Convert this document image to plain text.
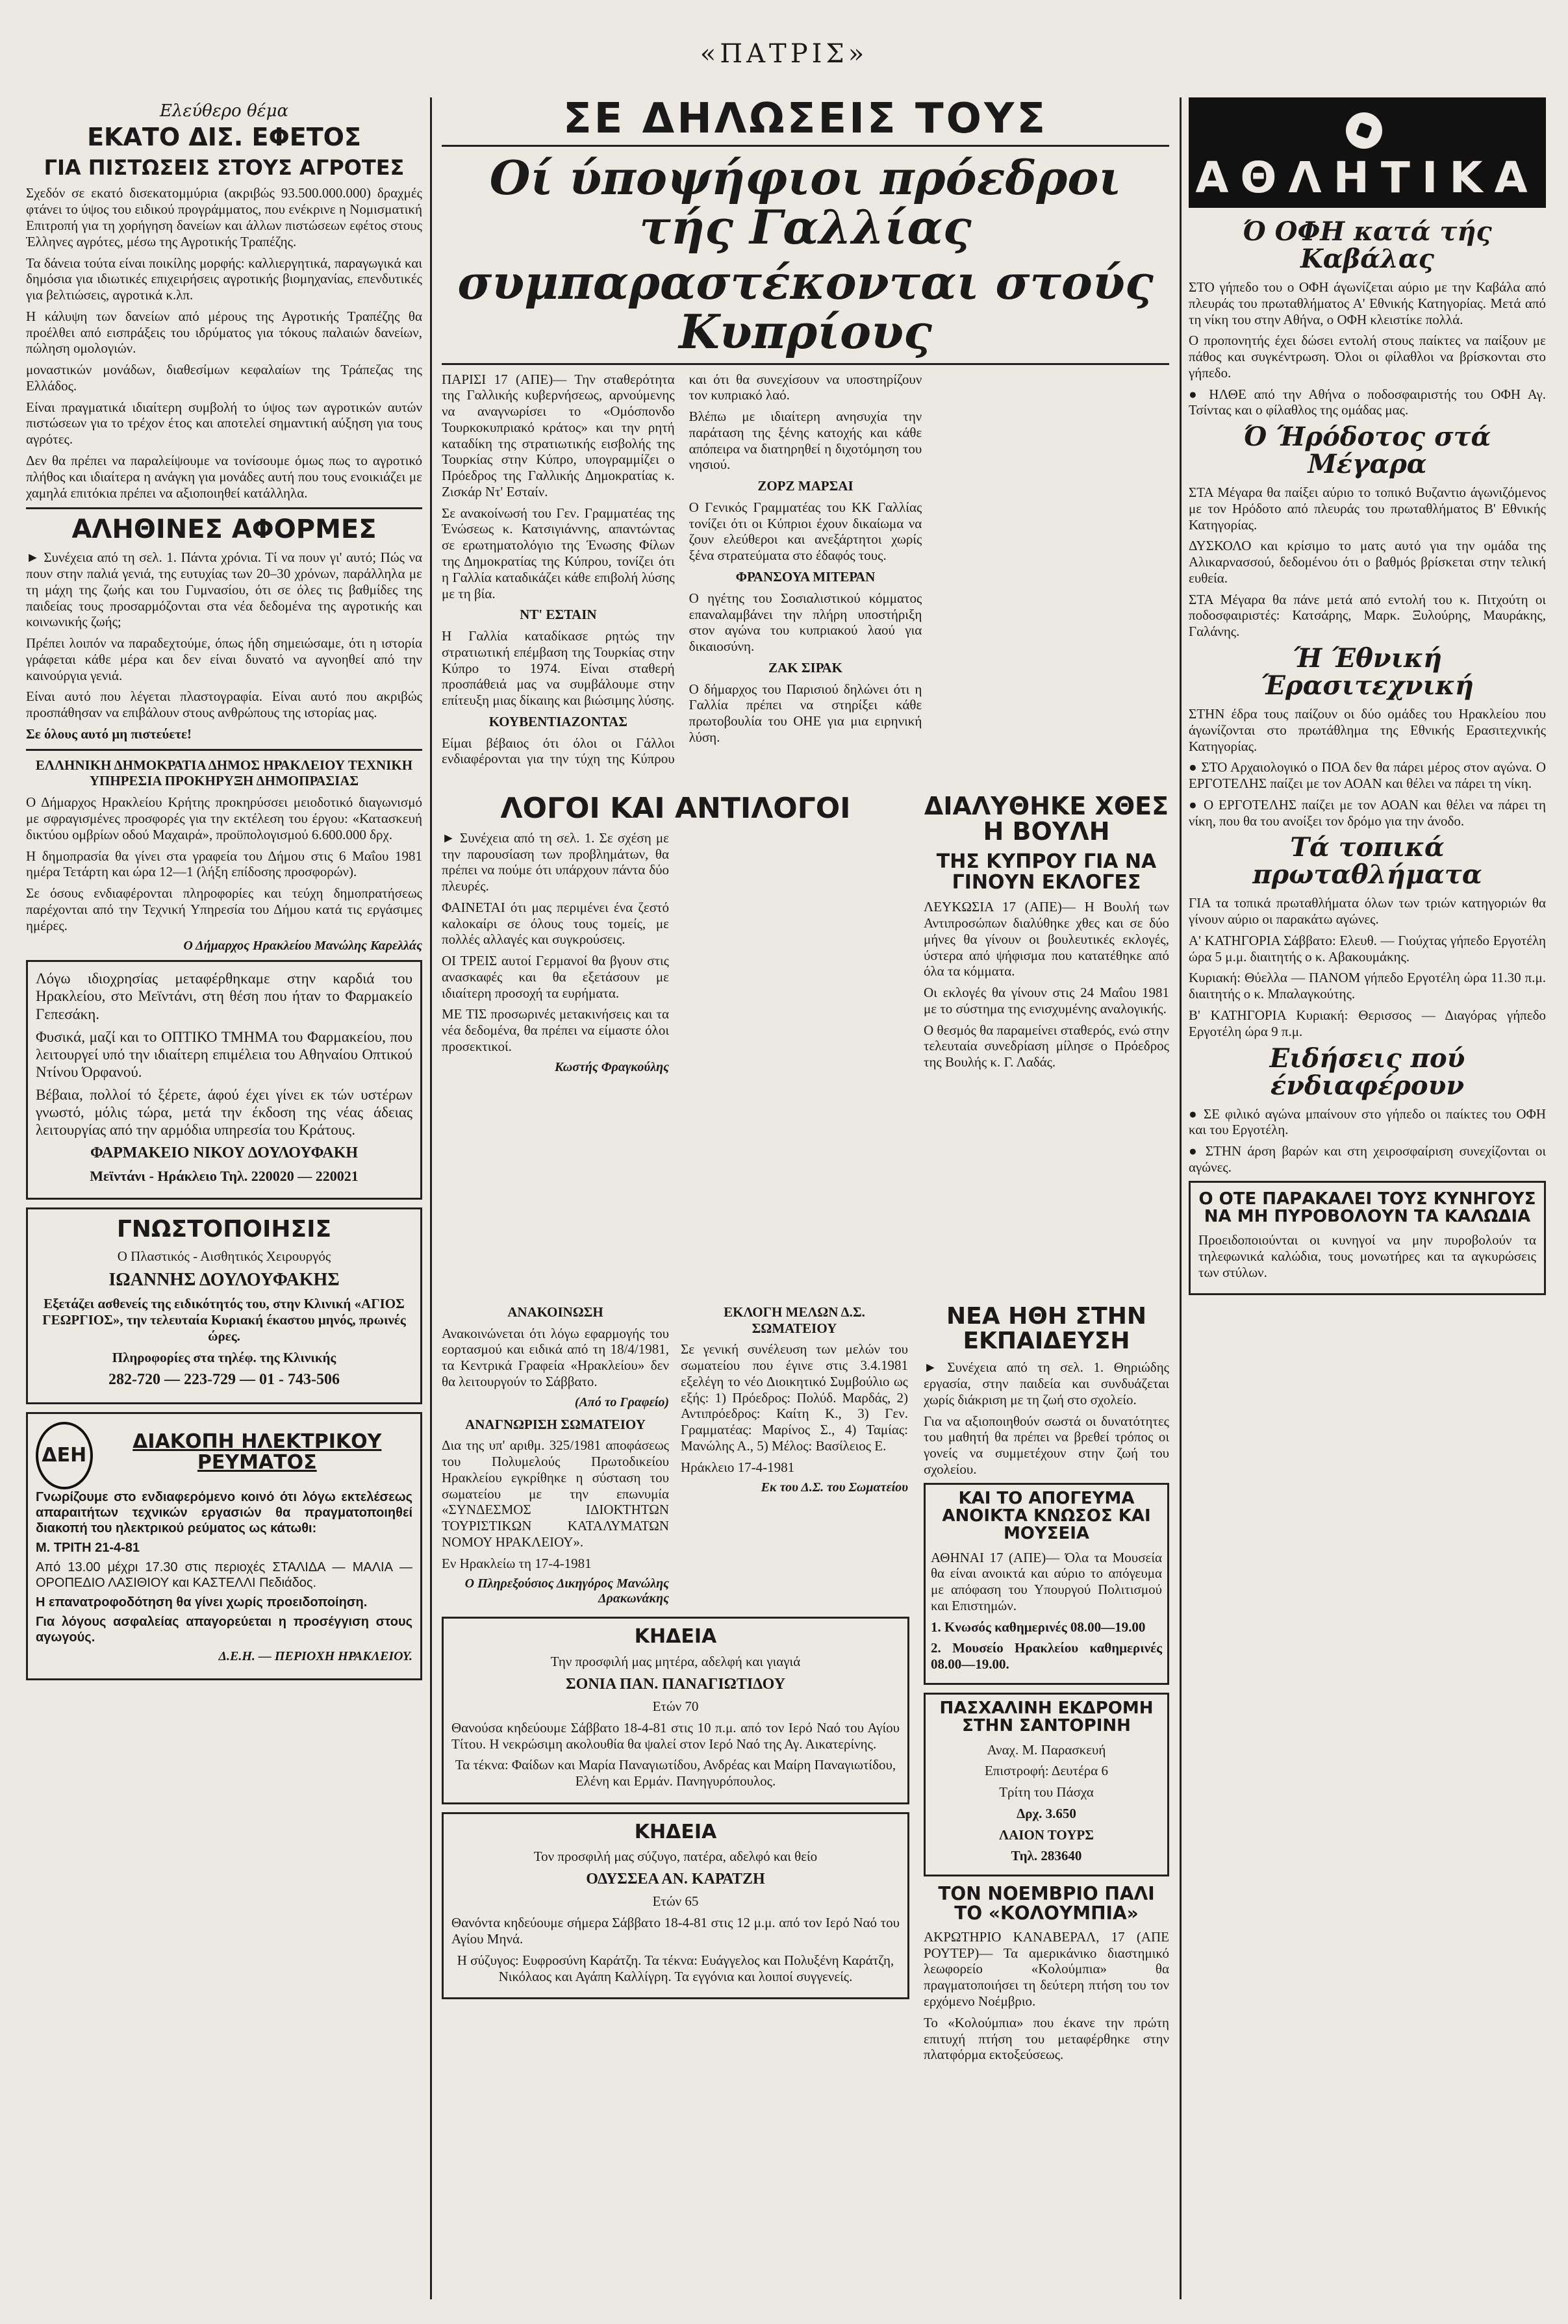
«ΠΑΤΡΙΣ»
Ελεύθερο θέμα
ΕΚΑΤΟ ΔΙΣ. ΕΦΕΤΟΣ
ΓΙΑ ΠΙΣΤΩΣΕΙΣ ΣΤΟΥΣ ΑΓΡΟΤΕΣ

Σχεδόν σε εκατό δισεκατομμύρια (ακριβώς 93.500.000.000) δραχμές φτάνει το ύψος του ειδικού προγράμματος, που ενέκρινε η Νομισματική Επιτροπή για τη χορήγηση δανείων και άλλων πιστώσεων εφέτος στους Έλληνες αγρότες, μέσω της Αγροτικής Τραπέζης.

Τα δάνεια τούτα είναι ποικίλης μορφής: καλλιεργητικά, παραγωγικά και δημόσια για ιδιωτικές επιχειρήσεις αγροτικής βιομηχανίας, επενδυτικές για βελτιώσεις, αγροτικά κ.λπ.

Η κάλυψη των δανείων από μέρους της Αγροτικής Τραπέζης θα προέλθει από εισπράξεις του ιδρύματος για τόκους παλαιών δανείων, πώληση ομολογιών.

μοναστικών μονάδων, διαθεσίμων κεφαλαίων της Τράπεζας της Ελλάδος.

Είναι πραγματικά ιδιαίτερη συμβολή το ύψος των αγροτικών αυτών πιστώσεων για το τρέχον έτος και αποτελεί σημαντική αύξηση για τους αγρότες.

Δεν θα πρέπει να παραλείψουμε να τονίσουμε όμως πως το αγροτικό πλήθος και ιδιαίτερα η ανάγκη για μονάδες αυτή που τους ενοικιάζει με χαμηλά επιτόκια πρέπει να αξιοποιηθεί κατάλληλα.

ΑΛΗΘΙΝΕΣ ΑΦΟΡΜΕΣ

► Συνέχεια από τη σελ. 1. Πάντα χρόνια. Τί να πουν γι' αυτό; Πώς να πουν στην παλιά γενιά, της ευτυχίας των 20–30 χρόνων, παράλληλα με τη μάχη της ζωής και του Γυμνασίου, ότι σε όλες τις βαθμίδες της παιδείας τους προσαρμόζονται στα νέα δεδομένα της αγροτικής και κοινωνικής ζωής;

Πρέπει λοιπόν να παραδεχτούμε, όπως ήδη σημειώσαμε, ότι η ιστορία γράφεται κάθε μέρα και δεν είναι δυνατό να αγνοηθεί από την καινούργια γενιά.

Είναι αυτό που λέγεται πλαστογραφία. Είναι αυτό που ακριβώς προσπάθησαν να επιβάλουν στους ανθρώπους της ιστορίας μας.

Σε όλους αυτό μη πιστεύετε!

ΕΛΛΗΝΙΚΗ ΔΗΜΟΚΡΑΤΙΑ ΔΗΜΟΣ ΗΡΑΚΛΕΙΟΥ ΤΕΧΝΙΚΗ ΥΠΗΡΕΣΙΑ ΠΡΟΚΗΡΥΞΗ ΔΗΜΟΠΡΑΣΙΑΣ

Ο Δήμαρχος Ηρακλείου Κρήτης προκηρύσσει μειοδοτικό διαγωνισμό με σφραγισμένες προσφορές για την εκτέλεση του έργου: «Κατασκευή δικτύου ομβρίων οδού Μαχαιρά», προϋπολογισμού 6.600.000 δρχ.

Η δημοπρασία θα γίνει στα γραφεία του Δήμου στις 6 Μαΐου 1981 ημέρα Τετάρτη και ώρα 12—1 (λήξη επίδοσης προσφορών).

Σε όσους ενδιαφέρονται πληροφορίες και τεύχη δημοπρατήσεως παρέχονται από την Τεχνική Υπηρεσία του Δήμου κατά τις εργάσιμες ημέρες.

Ο Δήμαρχος Ηρακλείου Μανώλης Καρελλάς

Λόγω ιδιοχρησίας μεταφέρθηκαμε στην καρδιά του Ηρακλείου, στο Μεϊντάνι, στη θέση που ήταν το Φαρμακείο Γεπεσάκη.

Φυσικά, μαζί και το ΟΠΤΙΚΟ ΤΜΗΜΑ του Φαρμακείου, που λειτουργεί υπό την ιδιαίτερη επιμέλεια του Αθηναίου Οπτικού Ντίνου Όρφανού.

Βέβαια, πολλοί τό ξέρετε, άφού έχει γίνει εκ τών υστέρων γνωστό, μόλις τώρα, μετά την έκδοση της νέας άδειας λειτουργίας από την αρμόδια υπηρεσία του Κράτους.

ΦΑΡΜΑΚΕΙΟ ΝΙΚΟΥ ΔΟΥΛΟΥΦΑΚΗ

Μεϊντάνι - Ηράκλειο Τηλ. 220020 — 220021

ΓΝΩΣΤΟΠΟΙΗΣΙΣ

Ο Πλαστικός - Αισθητικός Χειρουργός

ΙΩΑΝΝΗΣ ΔΟΥΛΟΥΦΑΚΗΣ

Εξετάζει ασθενείς της ειδικότητός του, στην Κλινική «ΑΓΙΟΣ ΓΕΩΡΓΙΟΣ», την τελευταία Κυριακή έκαστου μηνός, πρωινές ώρες.

Πληροφορίες στα τηλέφ. της Κλινικής

282-720 — 223-729 — 01 - 743-506

ΔΕΗ
ΔΙΑΚΟΠΗ ΗΛΕΚΤΡΙΚΟΥ ΡΕΥΜΑΤΟΣ

Γνωρίζουμε στο ενδιαφερόμενο κοινό ότι λόγω εκτελέσεως απαραιτήτων τεχνικών εργασιών θα πραγματοποιηθεί διακοπή του ηλεκτρικού ρεύματος ως κάτωθι:

Μ. ΤΡΙΤΗ 21-4-81

Από 13.00 μέχρι 17.30 στις περιοχές ΣΤΑΛΙΔΑ — ΜΑΛΙΑ — ΟΡΟΠΕΔΙΟ ΛΑΣΙΘΙΟΥ και ΚΑΣΤΕΛΛΙ Πεδιάδος.

Η επανατροφοδότηση θα γίνει χωρίς προειδοποίηση.

Για λόγους ασφαλείας απαγορεύεται η προσέγγιση στους αγωγούς.

Δ.Ε.Η. — ΠΕΡΙΟΧΗ ΗΡΑΚΛΕΙΟΥ.
ΣΕ ΔΗΛΩΣΕΙΣ ΤΟΥΣ
Οί ύποψήφιοι πρόεδροι τής Γαλλίας
συμπαραστέκονται στούς Κυπρίους

ΠΑΡΙΣΙ 17 (ΑΠΕ)— Την σταθερότητα της Γαλλικής κυβερνήσεως, αρνούμενης να αναγνωρίσει το «Ομόσπονδο Τουρκοκυπριακό κράτος» και την ρητή καταδίκη της στρατιωτικής εισβολής της Τουρκίας στην Κύπρο, υπογραμμίζει ο Πρόεδρος της Γαλλικής Δημοκρατίας κ. Ζισκάρ Ντ' Εσταίν.

Σε ανακοίνωσή του Γεν. Γραμματέας της Ένώσεως κ. Κατσιγιάννης, απαντώντας σε ερωτηματολόγιο της Ένωσης Φίλων της Δημοκρατίας της Κύπρου, τονίζει ότι η Γαλλία καταδικάζει κάθε επιβολή λύσης με τη βία.

ΝΤ' ΕΣΤΑΙΝ

Η Γαλλία καταδίκασε ρητώς την στρατιωτική επέμβαση της Τουρκίας στην Κύπρο το 1974. Είναι σταθερή προσπάθειά μας να συμβάλουμε στην επίτευξη μιας δίκαιης και βιώσιμης λύσης.

ΚΟΥΒΕΝΤΙΑΖΟΝΤΑΣ

Είμαι βέβαιος ότι όλοι οι Γάλλοι ενδιαφέρονται για την τύχη της Κύπρου και ότι θα συνεχίσουν να υποστηρίζουν τον κυπριακό λαό.

Βλέπω με ιδιαίτερη ανησυχία την παράταση της ξένης κατοχής και κάθε απόπειρα να διατηρηθεί η διχοτόμηση του νησιού.

ΖΟΡΖ ΜΑΡΣΑΙ

Ο Γενικός Γραμματέας του ΚΚ Γαλλίας τονίζει ότι οι Κύπριοι έχουν δικαίωμα να ζουν ελεύθεροι και ανεξάρτητοι χωρίς ξένα στρατεύματα στο έδαφός τους.

ΦΡΑΝΣΟΥΑ ΜΙΤΕΡΑΝ

Ο ηγέτης του Σοσιαλιστικού κόμματος επαναλαμβάνει την πλήρη υποστήριξη στον αγώνα του κυπριακού λαού για δικαιοσύνη.

ΖΑΚ ΣΙΡΑΚ

Ο δήμαρχος του Παρισιού δηλώνει ότι η Γαλλία πρέπει να στηρίξει κάθε πρωτοβουλία του ΟΗΕ για μια ειρηνική λύση.

ΛΟΓΟΙ ΚΑΙ ΑΝΤΙΛΟΓΟΙ

► Συνέχεια από τη σελ. 1. Σε σχέση με την παρουσίαση των προβλημάτων, θα πρέπει να πούμε ότι υπάρχουν πάντα δύο πλευρές.

ΦΑΙΝΕΤΑΙ ότι μας περιμένει ένα ζεστό καλοκαίρι σε όλους τους τομείς, με πολλές αλλαγές και συγκρούσεις.

ΟΙ ΤΡΕΙΣ αυτοί Γερμανοί θα βγουν στις ανασκαφές και θα εξετάσουν με ιδιαίτερη προσοχή τα ευρήματα.

ΜΕ ΤΙΣ προσωρινές μετακινήσεις και τα νέα δεδομένα, θα πρέπει να είμαστε όλοι προσεκτικοί.

Κωστής Φραγκούλης
ΔΙΑΛΥΘΗΚΕ ΧΘΕΣ Η ΒΟΥΛΗ
ΤΗΣ ΚΥΠΡΟΥ ΓΙΑ ΝΑ ΓΙΝΟΥΝ ΕΚΛΟΓΕΣ

ΛΕΥΚΩΣΙΑ 17 (ΑΠΕ)— Η Βουλή των Αντιπροσώπων διαλύθηκε χθες και σε δύο μήνες θα γίνουν οι βουλευτικές εκλογές, ύστερα από ψήφισμα που κατατέθηκε από όλα τα κόμματα.

Οι εκλογές θα γίνουν στις 24 Μαΐου 1981 με το σύστημα της ενισχυμένης αναλογικής.

Ο θεσμός θα παραμείνει σταθερός, ενώ στην τελευταία συνεδρίαση μίλησε ο Πρόεδρος της Βουλής κ. Γ. Λαδάς.

ΑΝΑΚΟΙΝΩΣΗ

Ανακοινώνεται ότι λόγω εφαρμογής του εορτασμού και ειδικά από τη 18/4/1981, τα Κεντρικά Γραφεία «Ηρακλείου» δεν θα λειτουργούν το Σάββατο.

(Από το Γραφείο)

ΑΝΑΓΝΩΡΙΣΗ ΣΩΜΑΤΕΙΟΥ

Δια της υπ' αριθμ. 325/1981 αποφάσεως του Πολυμελούς Πρωτοδικείου Ηρακλείου εγκρίθηκε η σύσταση του σωματείου με την επωνυμία «ΣΥΝΔΕΣΜΟΣ ΙΔΙΟΚΤΗΤΩΝ ΤΟΥΡΙΣΤΙΚΩΝ ΚΑΤΑΛΥΜΑΤΩΝ ΝΟΜΟΥ ΗΡΑΚΛΕΙΟΥ».

Εν Ηρακλείω τη 17-4-1981

Ο Πληρεξούσιος Δικηγόρος Μανώλης Δρακωνάκης

ΕΚΛΟΓΗ ΜΕΛΩΝ Δ.Σ. ΣΩΜΑΤΕΙΟΥ

Σε γενική συνέλευση των μελών του σωματείου που έγινε στις 3.4.1981 εξελέγη το νέο Διοικητικό Συμβούλιο ως εξής: 1) Πρόεδρος: Πολύδ. Μαρδάς, 2) Αντιπρόεδρος: Καίτη Κ., 3) Γεν. Γραμματέας: Μαρίνος Σ., 4) Ταμίας: Μανώλης Α., 5) Μέλος: Βασίλειος Ε.

Ηράκλειο 17-4-1981

Εκ του Δ.Σ. του Σωματείου
ΚΗΔΕΙΑ

Την προσφιλή μας μητέρα, αδελφή και γιαγιά

ΣΟΝΙΑ ΠΑΝ. ΠΑΝΑΓΙΩΤΙΔΟΥ

Ετών 70

Θανούσα κηδεύουμε Σάββατο 18-4-81 στις 10 π.μ. από τον Ιερό Ναό του Αγίου Τίτου. Η νεκρώσιμη ακολουθία θα ψαλεί στον Ιερό Ναό της Αγ. Αικατερίνης.

Τα τέκνα: Φαίδων και Μαρία Παναγιωτίδου, Ανδρέας και Μαίρη Παναγιωτίδου, Ελένη και Ερμάν. Πανηγυρόπουλος.

ΚΗΔΕΙΑ

Τον προσφιλή μας σύζυγο, πατέρα, αδελφό και θείο

ΟΔΥΣΣΕΑ ΑΝ. ΚΑΡΑΤΖΗ

Ετών 65

Θανόντα κηδεύουμε σήμερα Σάββατο 18-4-81 στις 12 μ.μ. από τον Ιερό Ναό του Αγίου Μηνά.

Η σύζυγος: Ευφροσύνη Καράτζη. Τα τέκνα: Ευάγγελος και Πολυξένη Καράτζη, Νικόλαος και Αγάπη Καλλίγρη. Τα εγγόνια και λοιποί συγγενείς.

ΝΕΑ ΗΘΗ ΣΤΗΝ ΕΚΠΑΙΔΕΥΣΗ

► Συνέχεια από τη σελ. 1. Θηριώδης εργασία, στην παιδεία και συνδυάζεται χωρίς διάκριση με τη ζωή στο σχολείο.

Για να αξιοποιηθούν σωστά οι δυνατότητες του μαθητή θα πρέπει να βρεθεί τρόπος οι γονείς να συμμετέχουν στην ζωή του σχολείου.

ΚΑΙ ΤΟ ΑΠΟΓΕΥΜΑ ΑΝΟΙΚΤΑ ΚΝΩΣΟΣ ΚΑΙ ΜΟΥΣΕΙΑ

ΑΘΗΝΑΙ 17 (ΑΠΕ)— Όλα τα Μουσεία θα είναι ανοικτά και αύριο το απόγευμα με απόφαση του Υπουργού Πολιτισμού και Επιστημών.

1. Κνωσός καθημερινές 08.00—19.00

2. Μουσείο Ηρακλείου καθημερινές 08.00—19.00.

ΠΑΣΧΑΛΙΝΗ ΕΚΔΡΟΜΗ ΣΤΗΝ ΣΑΝΤΟΡΙΝΗ

Αναχ. Μ. Παρασκευή

Επιστροφή: Δευτέρα 6

Τρίτη του Πάσχα

Δρχ. 3.650

ΛΑΙΟΝ ΤΟΥΡΣ

Τηλ. 283640

ΤΟΝ ΝΟΕΜΒΡΙΟ ΠΑΛΙ ΤΟ «ΚΟΛΟΥΜΠΙΑ»

ΑΚΡΩΤΗΡΙΟ ΚΑΝΑΒΕΡΑΛ, 17 (ΑΠΕ ΡΟΥΤΕΡ)— Τα αμερικάνικο διαστημικό λεωφορείο «Κολούμπια» θα πραγματοποιήσει τη δεύτερη πτήση του τον ερχόμενο Νοέμβριο.

Το «Κολούμπια» που έκανε την πρώτη επιτυχή πτήση του μεταφέρθηκε στην πλατφόρμα εκτοξεύσεως.

ΑΘΛΗΤΙΚΑ
Ό ΟΦΗ κατά τής Καβάλας

ΣΤΟ γήπεδο του ο ΟΦΗ άγωνίζεται αύριο με την Καβάλα από πλευράς του πρωταθλήματος Α' Εθνικής Κατηγορίας. Μετά από τη νίκη του στην Αθήνα, ο ΟΦΗ κλειστίκε πολλά.

Ο προπονητής έχει δώσει εντολή στους παίκτες να παίξουν με πάθος και συγκέντρωση. Όλοι οι φίλαθλοι να βρίσκονται στο γήπεδο.

● ΗΛΘΕ από την Αθήνα ο ποδοσφαιριστής του ΟΦΗ Αγ. Τσίντας και ο φίλαθλος της ομάδας μας.

Ό Ήρόδοτος στά Μέγαρα

ΣΤΑ Μέγαρα θα παίξει αύριο το τοπικό Βυζαντιο άγωνιζόμενος με τον Ηρόδοτο από πλευράς του πρωταθλήματος Β' Εθνικής Κατηγορίας.

ΔΥΣΚΟΛΟ και κρίσιμο το ματς αυτό για την ομάδα της Αλικαρνασσού, δεδομένου ότι ο βαθμός βρίσκεται στην τελική ευθεία.

ΣΤΑ Μέγαρα θα πάνε μετά από εντολή του κ. Πιτχούτη οι ποδοσφαιριστές: Κατσάρης, Μαρκ. Ξυλούρης, Μαυράκης, Γαλάνης.

Ή Έθνική Έρασιτεχνική

ΣΤΗΝ έδρα τους παίζουν οι δύο ομάδες του Ηρακλείου που άγωνίζονται στο πρωτάθλημα της Εθνικής Ερασιτεχνικής Κατηγορίας.

● ΣΤΟ Αρχαιολογικό ο ΠΟΑ δεν θα πάρει μέρος στον αγώνα. Ο ΕΡΓΟΤΕΛΗΣ παίζει με τον ΑΟΑΝ και θέλει να πάρει τη νίκη.

● Ο ΕΡΓΟΤΕΛΗΣ παίζει με τον ΑΟΑΝ και θέλει να πάρει τη νίκη, που θα του ανοίξει τον δρόμο για την άνοδο.

Τά τοπικά πρωταθλήματα

ΓΙΑ τα τοπικά πρωταθλήματα όλων των τριών κατηγοριών θα γίνουν αύριο οι παρακάτω αγώνες.

Α' ΚΑΤΗΓΟΡΙΑ Σάββατο: Ελευθ. — Γιούχτας γήπεδο Εργοτέλη ώρα 5 μ.μ. διαιτητής ο κ. Αβακουμάκης.

Κυριακή: Θύελλα — ΠΑΝΟΜ γήπεδο Εργοτέλη ώρα 11.30 π.μ. διαιτητής ο κ. Μπαλαγκούτης.

Β' ΚΑΤΗΓΟΡΙΑ Κυριακή: Θερισσος — Διαγόρας γήπεδο Εργοτέλη ώρα 9 π.μ.

Ειδήσεις πού ένδιαφέρουν

● ΣΕ φιλικό αγώνα μπαίνουν στο γήπεδο οι παίκτες του ΟΦΗ και του Εργοτέλη.

● ΣΤΗΝ άρση βαρών και στη χειροσφαίριση συνεχίζονται οι αγώνες.

Ο ΟΤΕ ΠΑΡΑΚΑΛΕΙ ΤΟΥΣ ΚΥΝΗΓΟΥΣ ΝΑ ΜΗ ΠΥΡΟΒΟΛΟΥΝ ΤΑ ΚΑΛΩΔΙΑ

Προειδοποιούνται οι κυνηγοί να μην πυροβολούν τα τηλεφωνικά καλώδια, τους μονωτήρες και τα αγκυρώσεις των στύλων.
